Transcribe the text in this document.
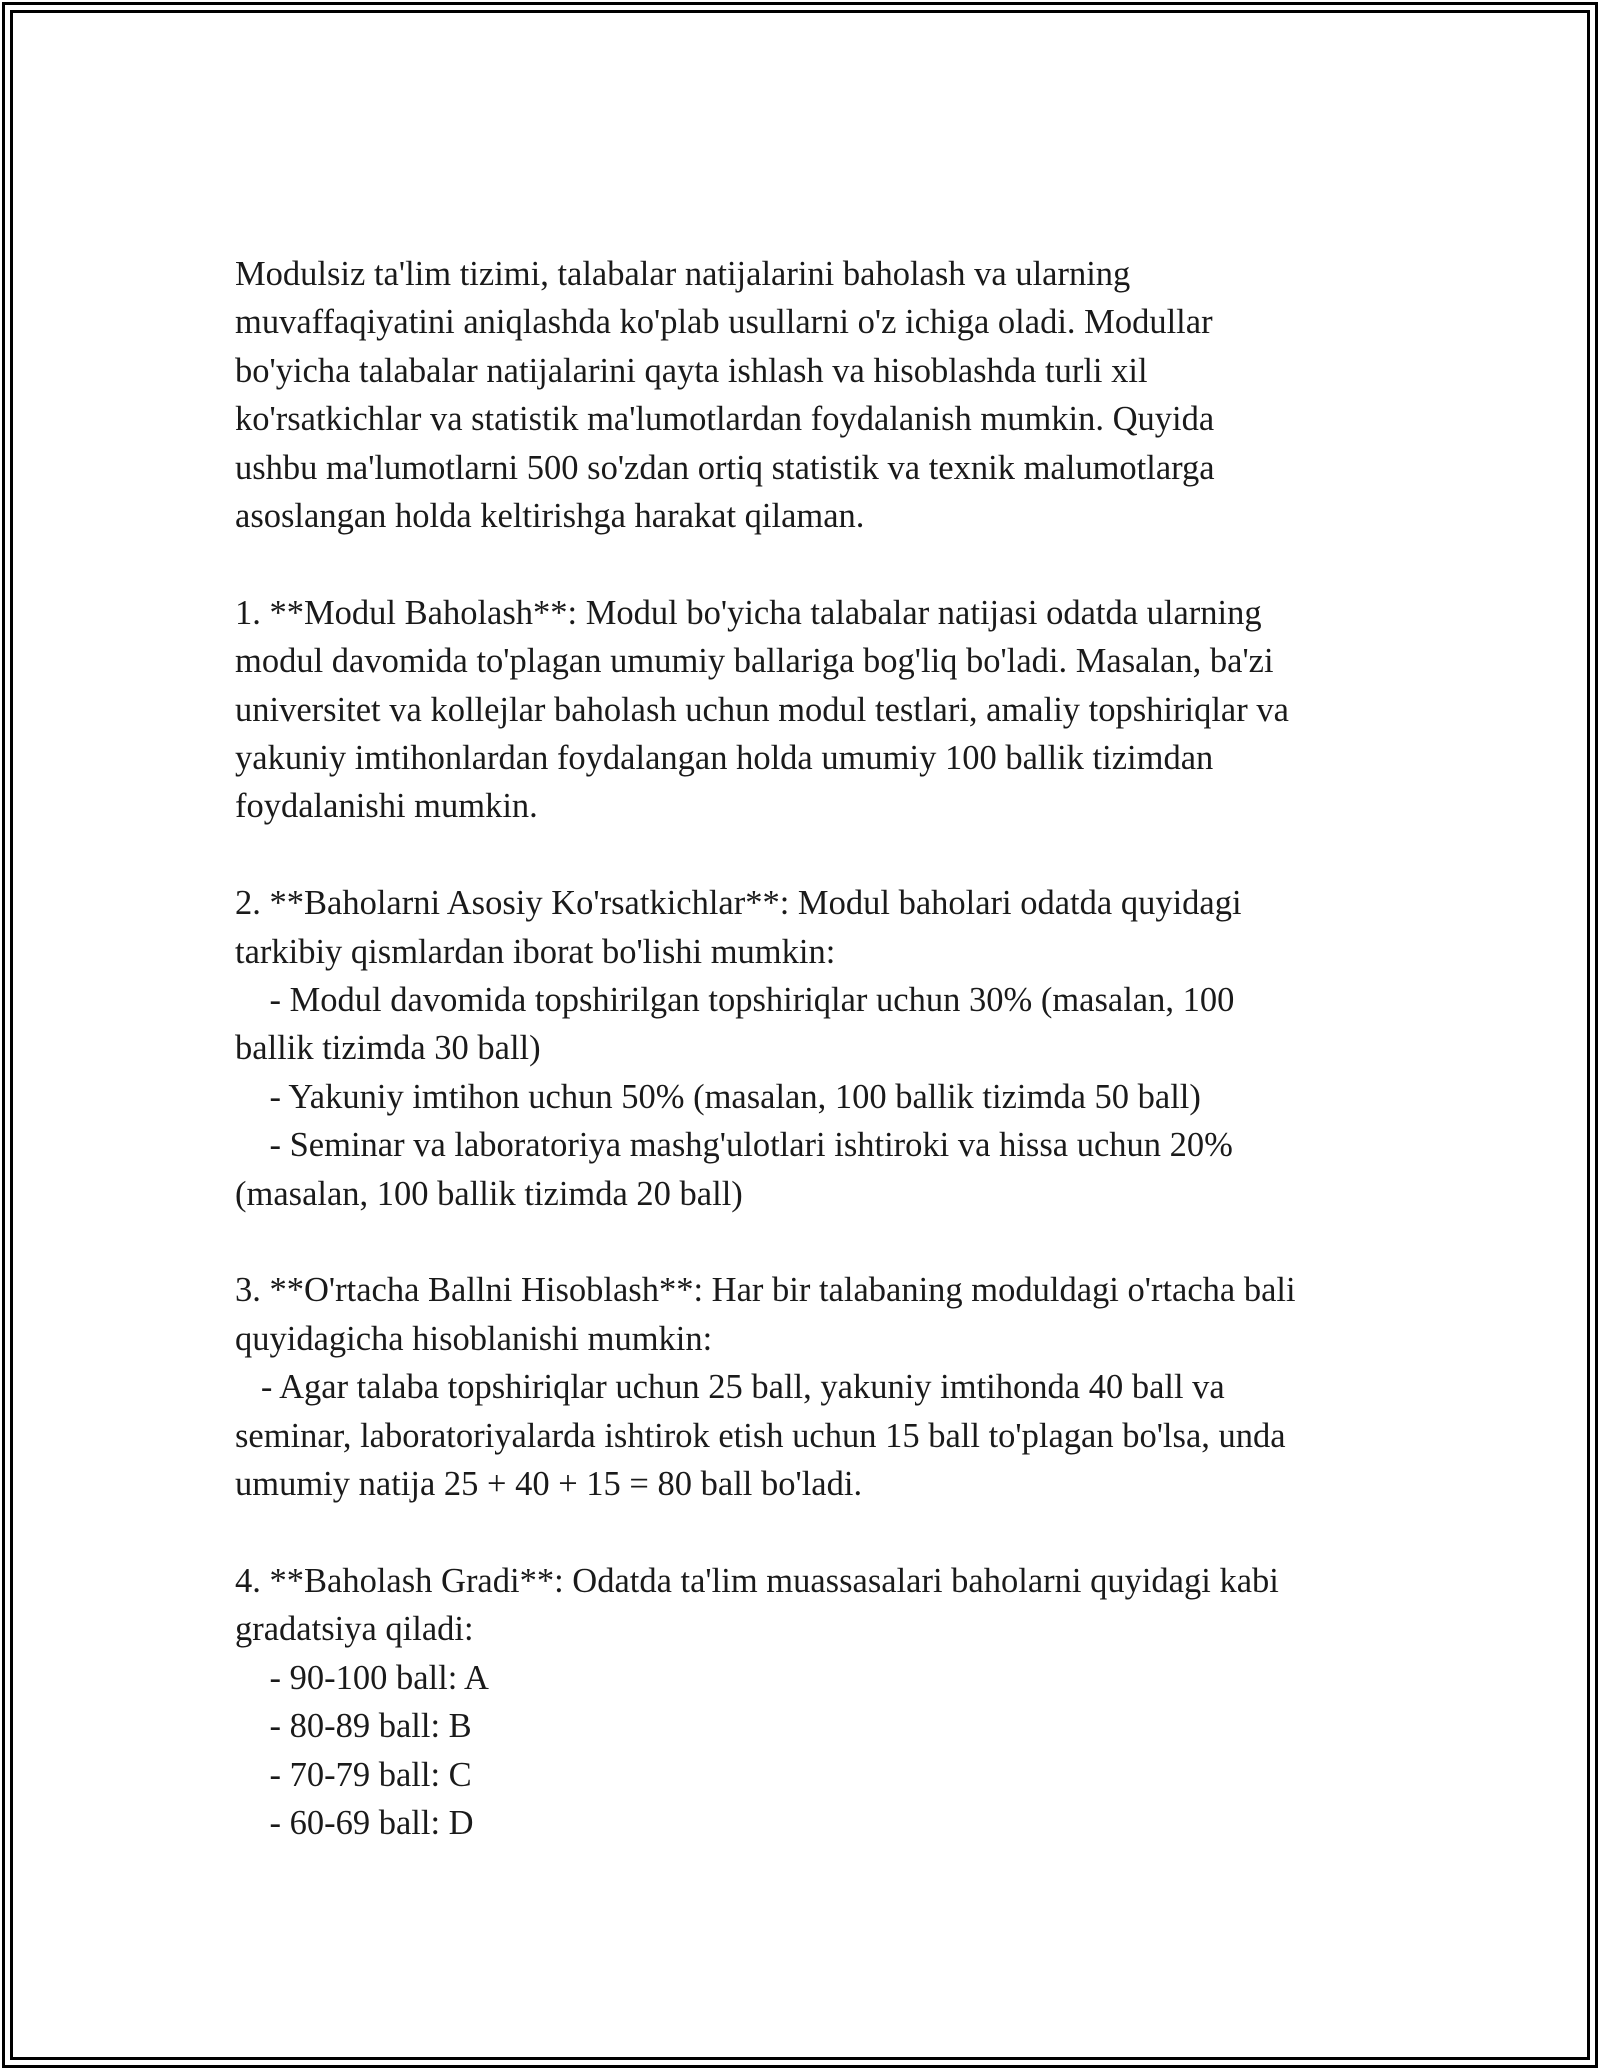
Modulsiz ta'lim tizimi, talabalar natijalarini baholash va ularning
muvaffaqiyatini aniqlashda ko'plab usullarni o'z ichiga oladi. Modullar
bo'yicha talabalar natijalarini qayta ishlash va hisoblashda turli xil
ko'rsatkichlar va statistik ma'lumotlardan foydalanish mumkin. Quyida
ushbu ma'lumotlarni 500 so'zdan ortiq statistik va texnik malumotlarga
asoslangan holda keltirishga harakat qilaman.
1. **Modul Baholash**: Modul bo'yicha talabalar natijasi odatda ularning
modul davomida to'plagan umumiy ballariga bog'liq bo'ladi. Masalan, ba'zi
universitet va kollejlar baholash uchun modul testlari, amaliy topshiriqlar va
yakuniy imtihonlardan foydalangan holda umumiy 100 ballik tizimdan
foydalanishi mumkin.
2. **Baholarni Asosiy Ko'rsatkichlar**: Modul baholari odatda quyidagi
tarkibiy qismlardan iborat bo'lishi mumkin:
- Modul davomida topshirilgan topshiriqlar uchun 30% (masalan, 100
ballik tizimda 30 ball)
- Yakuniy imtihon uchun 50% (masalan, 100 ballik tizimda 50 ball)
- Seminar va laboratoriya mashg'ulotlari ishtiroki va hissa uchun 20%
(masalan, 100 ballik tizimda 20 ball)
3. **O'rtacha Ballni Hisoblash**: Har bir talabaning moduldagi o'rtacha bali
quyidagicha hisoblanishi mumkin:
- Agar talaba topshiriqlar uchun 25 ball, yakuniy imtihonda 40 ball va
seminar, laboratoriyalarda ishtirok etish uchun 15 ball to'plagan bo'lsa, unda
umumiy natija 25 + 40 + 15 = 80 ball bo'ladi.
4. **Baholash Gradi**: Odatda ta'lim muassasalari baholarni quyidagi kabi
gradatsiya qiladi:
- 90-100 ball: A
- 80-89 ball: B
- 70-79 ball: C
- 60-69 ball: D
